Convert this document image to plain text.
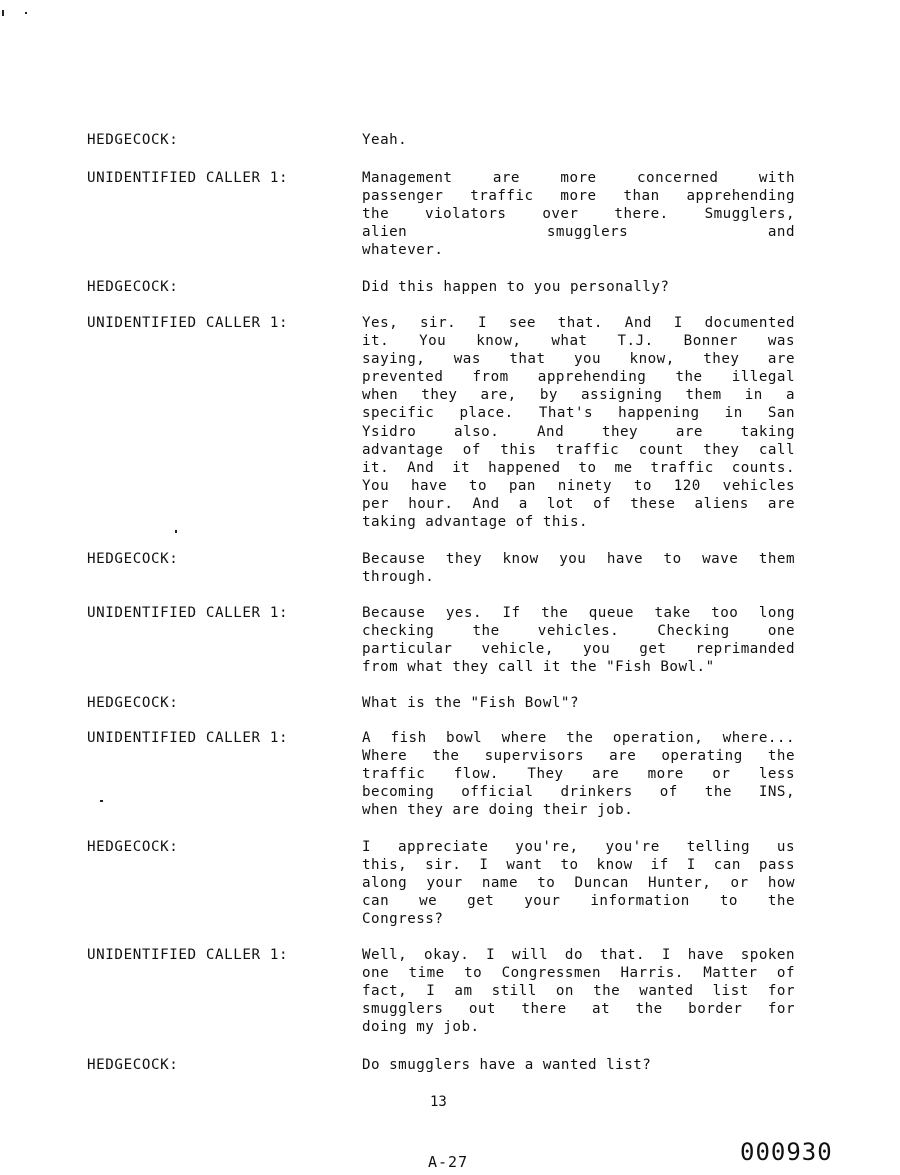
HEDGECOCK:	Yeah.
UNIDENTIFIED CALLER 1:	Management are more concerned with
passenger traffic more than apprehending
the violators over there. Smugglers,
alien smugglers and
whatever.
HEDGECOCK:	Did this happen to you personally?
UNIDENTIFIED CALLER 1:	Yes, sir. I see that. And I documented
it. You know, what T.J. Bonner was
saying, was that you know, they are
prevented from apprehending the illegal
when they are, by assigning them in a
specific place. That's happening in San
Ysidro also. And they are taking
advantage of this traffic count they call
it. And it happened to me traffic counts.
You have to pan ninety to 120 vehicles
per hour. And a lot of these aliens are
taking advantage of this.
HEDGECOCK:	Because they know you have to wave them
through.
UNIDENTIFIED CALLER 1:	Because yes. If the queue take too long
checking the vehicles. Checking one
particular vehicle, you get reprimanded
from what they call it the "Fish Bowl."
HEDGECOCK:	What is the "Fish Bowl"?
UNIDENTIFIED CALLER 1:	A fish bowl where the operation, where...
Where the supervisors are operating the
traffic flow. They are more or less
becoming official drinkers of the INS,
when they are doing their job.
HEDGECOCK:	I appreciate you're, you're telling us
this, sir. I want to know if I can pass
along your name to Duncan Hunter, or how
can we get your information to the
Congress?
UNIDENTIFIED CALLER 1:	Well, okay. I will do that. I have spoken
one time to Congressmen Harris. Matter of
fact, I am still on the wanted list for
smugglers out there at the border for
doing my job.
HEDGECOCK:	Do smugglers have a wanted list?
13
A-27	000930
